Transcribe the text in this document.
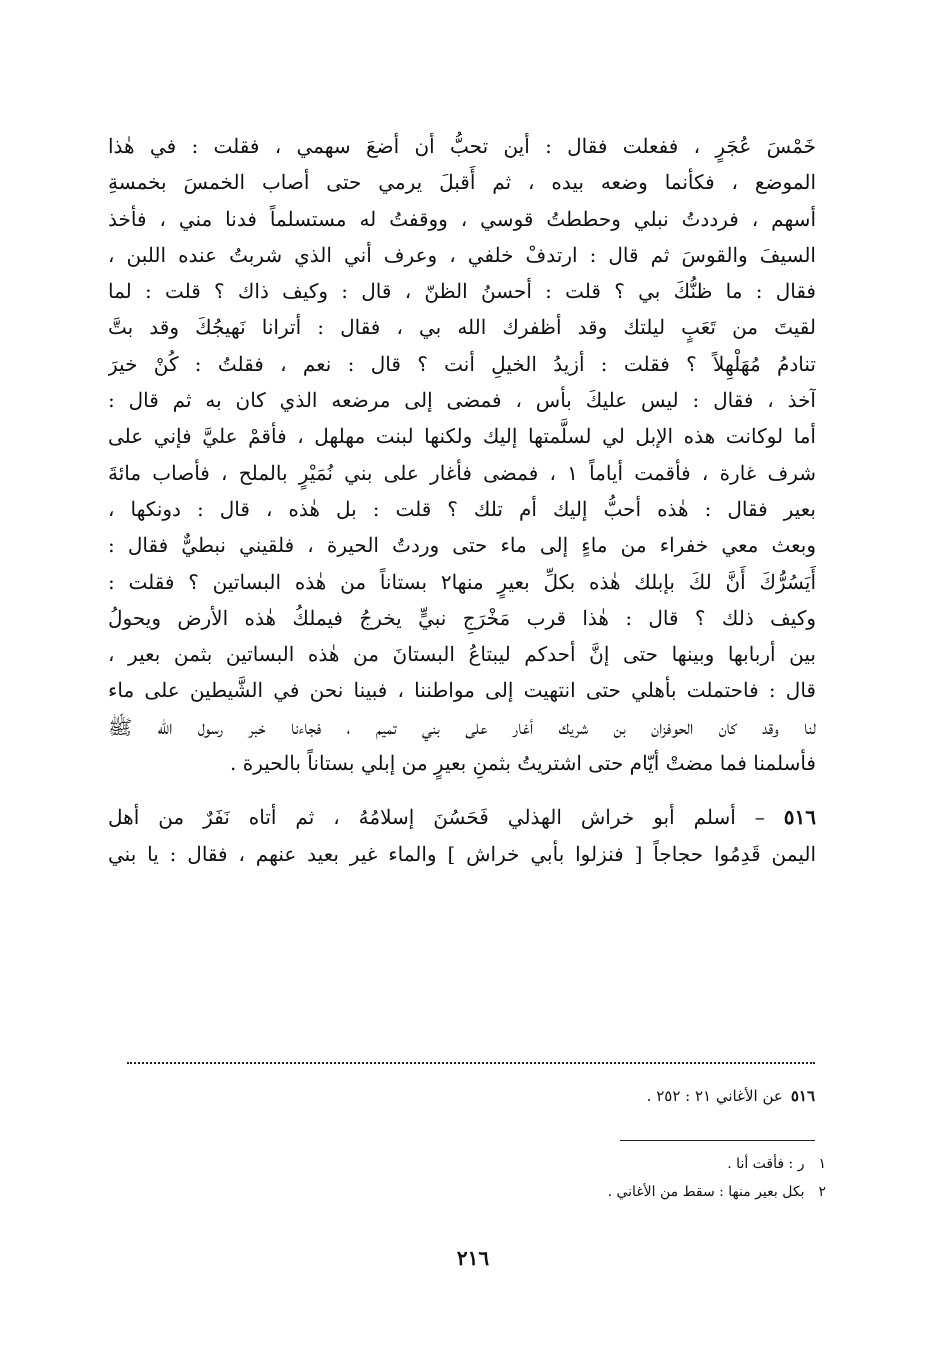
خَمْسَ عُجَرٍ ، ففعلت فقال : أين تحبُّ أن أضعَ سهمي ، فقلت : في هٰذا
الموضع ، فكأنما وضعه بيده ، ثم أَقبلَ يرمي حتى أصاب الخمسَ بخمسةِ
أسهم ، فرددتُ نبلي وحططتُ قوسي ، ووقفتُ له مستسلماً فدنا مني ، فأخذ
السيفَ والقوسَ ثم قال : ارتدفْ خلفي ، وعرف أني الذي شربتُ عنده اللبن ،
فقال : ما ظنُّكَ بي ؟ قلت : أحسنُ الظنّ ، قال : وكيف ذاك ؟ قلت : لما
لقيتَ من تَعَبٍ ليلتك وقد أظفرك الله بي ، فقال : أترانا نَهيجُكَ وقد بتَّ
تنادمُ مُهَلْهِلاً ؟ فقلت : أزيدُ الخيلِ أنت ؟ قال : نعم ، فقلتُ : كُنْ خيرَ
آخذ ، فقال : ليس عليكَ بأس ، فمضى إلى مرضعه الذي كان به ثم قال :
أما لوكانت هذه الإبل لي لسلَّمتها إليك ولكنها لبنت مهلهل ، فأقمْ عليَّ فإني على
شرف غارة ، فأقمت أياماً ١ ، فمضى فأغار على بني نُمَيْرٍ بالملح ، فأصاب مائةَ
بعير فقال : هٰذه أحبُّ إليك أم تلك ؟ قلت : بل هٰذه ، قال : دونكها ،
وبعث معي خفراء من ماءٍ إلى ماء حتى وردتُ الحيرة ، فلقيني نبطيٌّ فقال :
أَيَسُرُّكَ أَنَّ لكَ بإبلك هٰذه بكلِّ بعيرٍ منها٢ بستاناً من هٰذه البساتين ؟ فقلت :
وكيف ذلك ؟ قال : هٰذا قرب مَخْرَجِ نبيٍّ يخرجُ فيملكُ هٰذه الأرض ويحولُ
بين أربابها وبينها حتى إنَّ أحدكم ليبتاعُ البستانَ من هٰذه البساتين بثمن بعير ،
قال : فاحتملت بأهلي حتى انتهيت إلى مواطننا ، فبينا نحن في الشَّيطين على ماء
لنا وقد كان الحوفزان بن شريك أغار على بني تميم ، فجاءنا خبر رسول الله ﷺ
فأسلمنا فما مضتْ أيّام حتى اشتريتُ بثمنِ بعيرٍ من إبلي بستاناً بالحيرة .
٥١٦ – أسلم أبو خراش الهذلي فَحَسُنَ إسلامُهُ ، ثم أتاه نَفَرٌ من أهل
اليمن قَدِمُوا حجاجاً [ فنزلوا بأبي خراش ] والماء غير بعيد عنهم ، فقال : يا بني
٥١٦عن الأغاني ٢١ : ٢٥٢ .
١ر : فأقت أنا .
٢بكل بعير منها : سقط من الأغاني .
٢١٦
